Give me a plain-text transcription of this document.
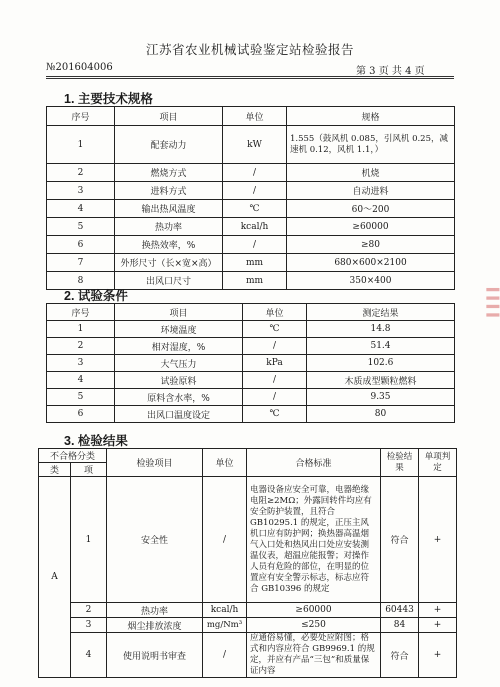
江苏省农业机械试验鉴定站检验报告
№201604006	第 3 页 共 4 页
1. 主要技术规格
序号	项目	单位	规格
1	配套动力	kW	1.555（鼓风机 0.085，引风机 0.25，减速机 0.12，风机 1.1，）
2	燃烧方式	/	机烧
3	进料方式	/	自动进料
4	输出热风温度	℃	60～200
5	热功率	kcal/h	≥60000
6	换热效率，%	/	≥80
7	外形尺寸（长×宽×高）	mm	680×600×2100
8	出风口尺寸	mm	350×400
2. 试验条件
序号	项目	单位	测定结果
1	环境温度	℃	14.8
2	相对湿度，%	/	51.4
3	大气压力	kPa	102.6
4	试验原料	/	木质成型颗粒燃料
5	原料含水率，%	/	9.35
6	出风口温度设定	℃	80
3. 检验结果
不合格分类		检验项目	单位	合格标准	检验结果	单项判定
类	项					
A	1	安全性	/	电器设备应安全可靠，电器绝缘电阻≥2MΩ；外露回转件均应有安全防护装置，且符合 GB10295.1 的规定，正压主风机口应有防护网；换热器高温烟气入口处和热风出口处应安装测温仪表，超温应能报警；对操作人员有危险的部位，在明显的位置应有安全警示标志，标志应符合 GB10396 的规定	符合	+
	2	热功率	kcal/h	≥60000	60443	+
	3	烟尘排放浓度	mg/Nm³	≤250	84	+
	4	使用说明书审查	/	应通俗易懂，必要处应附图；格式和内容应符合 GB9969.1 的规定，并应有产品“三包”和质量保证内容	符合	+
▍▍▍▍
